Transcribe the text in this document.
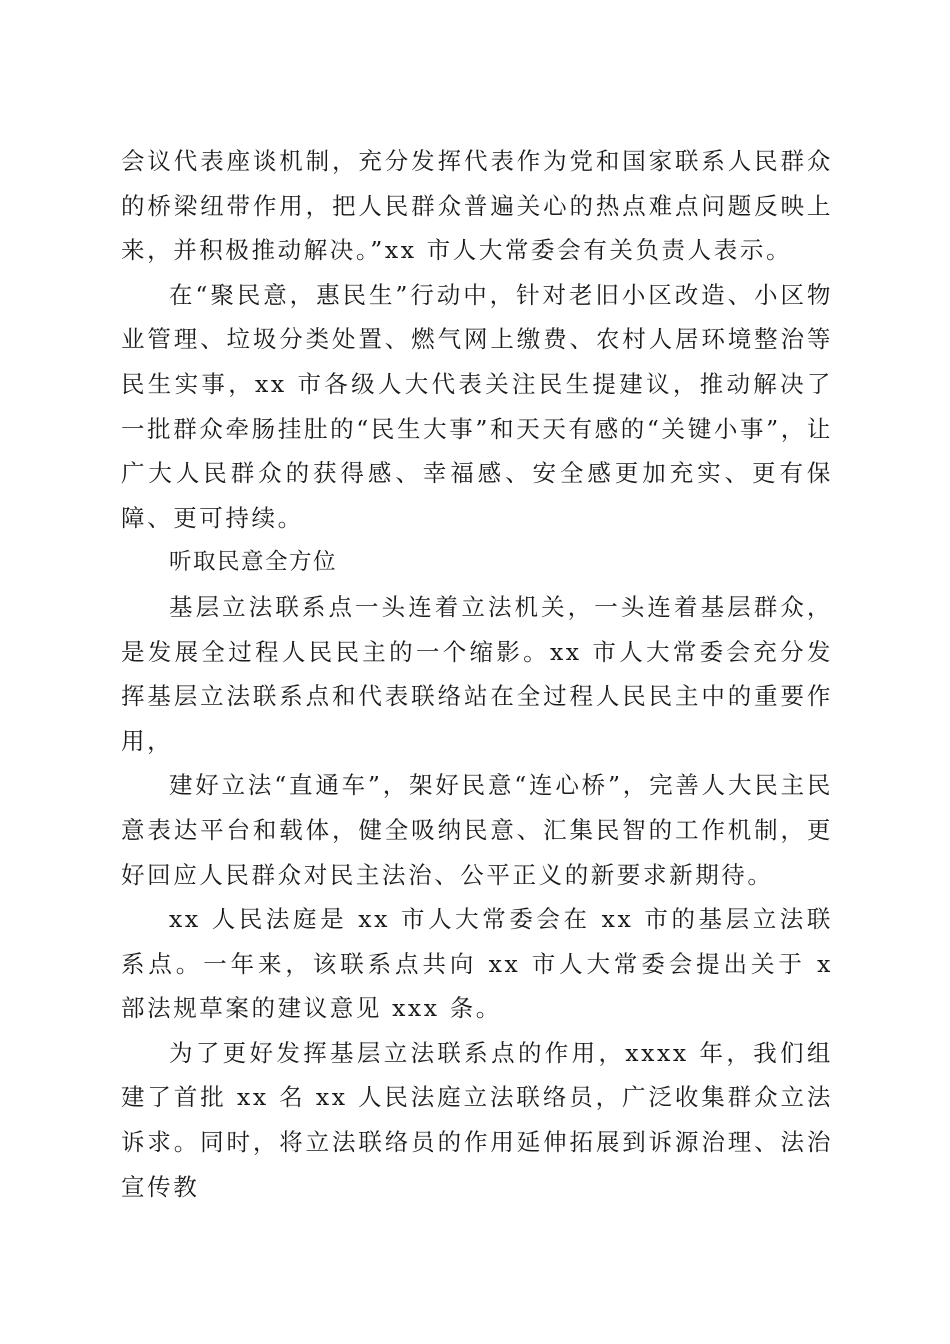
会议代表座谈机制，充分发挥代表作为党和国家联系人民群众的桥梁纽带作用，把人民群众普遍关心的热点难点问题反映上来，并积极推动解决。”xx 市人大常委会有关负责人表示。

在“聚民意，惠民生”行动中，针对老旧小区改造、小区物业管理、垃圾分类处置、燃气网上缴费、农村人居环境整治等民生实事，xx 市各级人大代表关注民生提建议，推动解决了一批群众牵肠挂肚的“民生大事”和天天有感的“关键小事”，让广大人民群众的获得感、幸福感、安全感更加充实、更有保障、更可持续。

听取民意全方位

基层立法联系点一头连着立法机关，一头连着基层群众，是发展全过程人民民主的一个缩影。xx 市人大常委会充分发挥基层立法联系点和代表联络站在全过程人民民主中的重要作用，

建好立法“直通车”，架好民意“连心桥”，完善人大民主民意表达平台和载体，健全吸纳民意、汇集民智的工作机制，更好回应人民群众对民主法治、公平正义的新要求新期待。

xx 人民法庭是 xx 市人大常委会在 xx 市的基层立法联系点。一年来，该联系点共向 xx 市人大常委会提出关于 x 部法规草案的建议意见 xxx 条。

为了更好发挥基层立法联系点的作用，xxxx 年，我们组建了首批 xx 名 xx 人民法庭立法联络员，广泛收集群众立法诉求。同时，将立法联络员的作用延伸拓展到诉源治理、法治宣传教
